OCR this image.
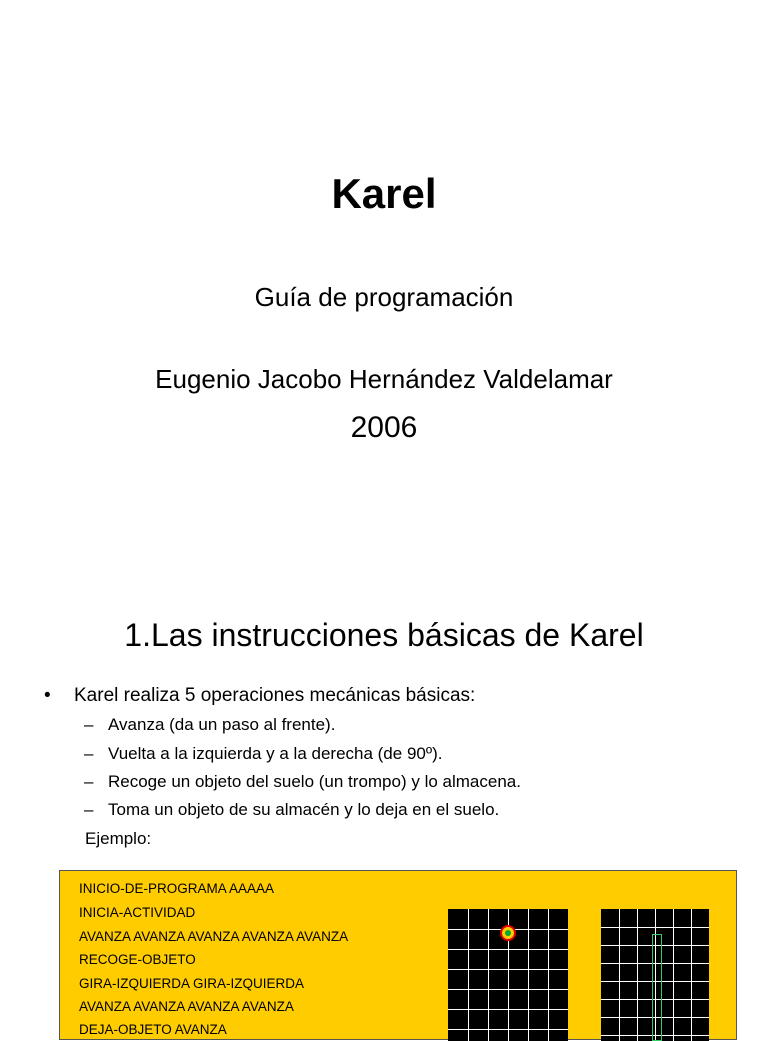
Karel
Guía de programación
Eugenio Jacobo Hernández Valdelamar
2006
1.Las instrucciones básicas de Karel
• Karel realiza 5 operaciones mecánicas básicas:
– Avanza (da un paso al frente).
– Vuelta a la izquierda y a la derecha (de 90º).
– Recoge un objeto del suelo (un trompo) y lo almacena.
– Toma un objeto de su almacén y lo deja en el suelo.
Ejemplo:
INICIO-DE-PROGRAMA AAAAA
INICIA-ACTIVIDAD
AVANZA AVANZA AVANZA AVANZA AVANZA
RECOGE-OBJETO
GIRA-IZQUIERDA GIRA-IZQUIERDA
AVANZA AVANZA AVANZA AVANZA
DEJA-OBJETO AVANZA
